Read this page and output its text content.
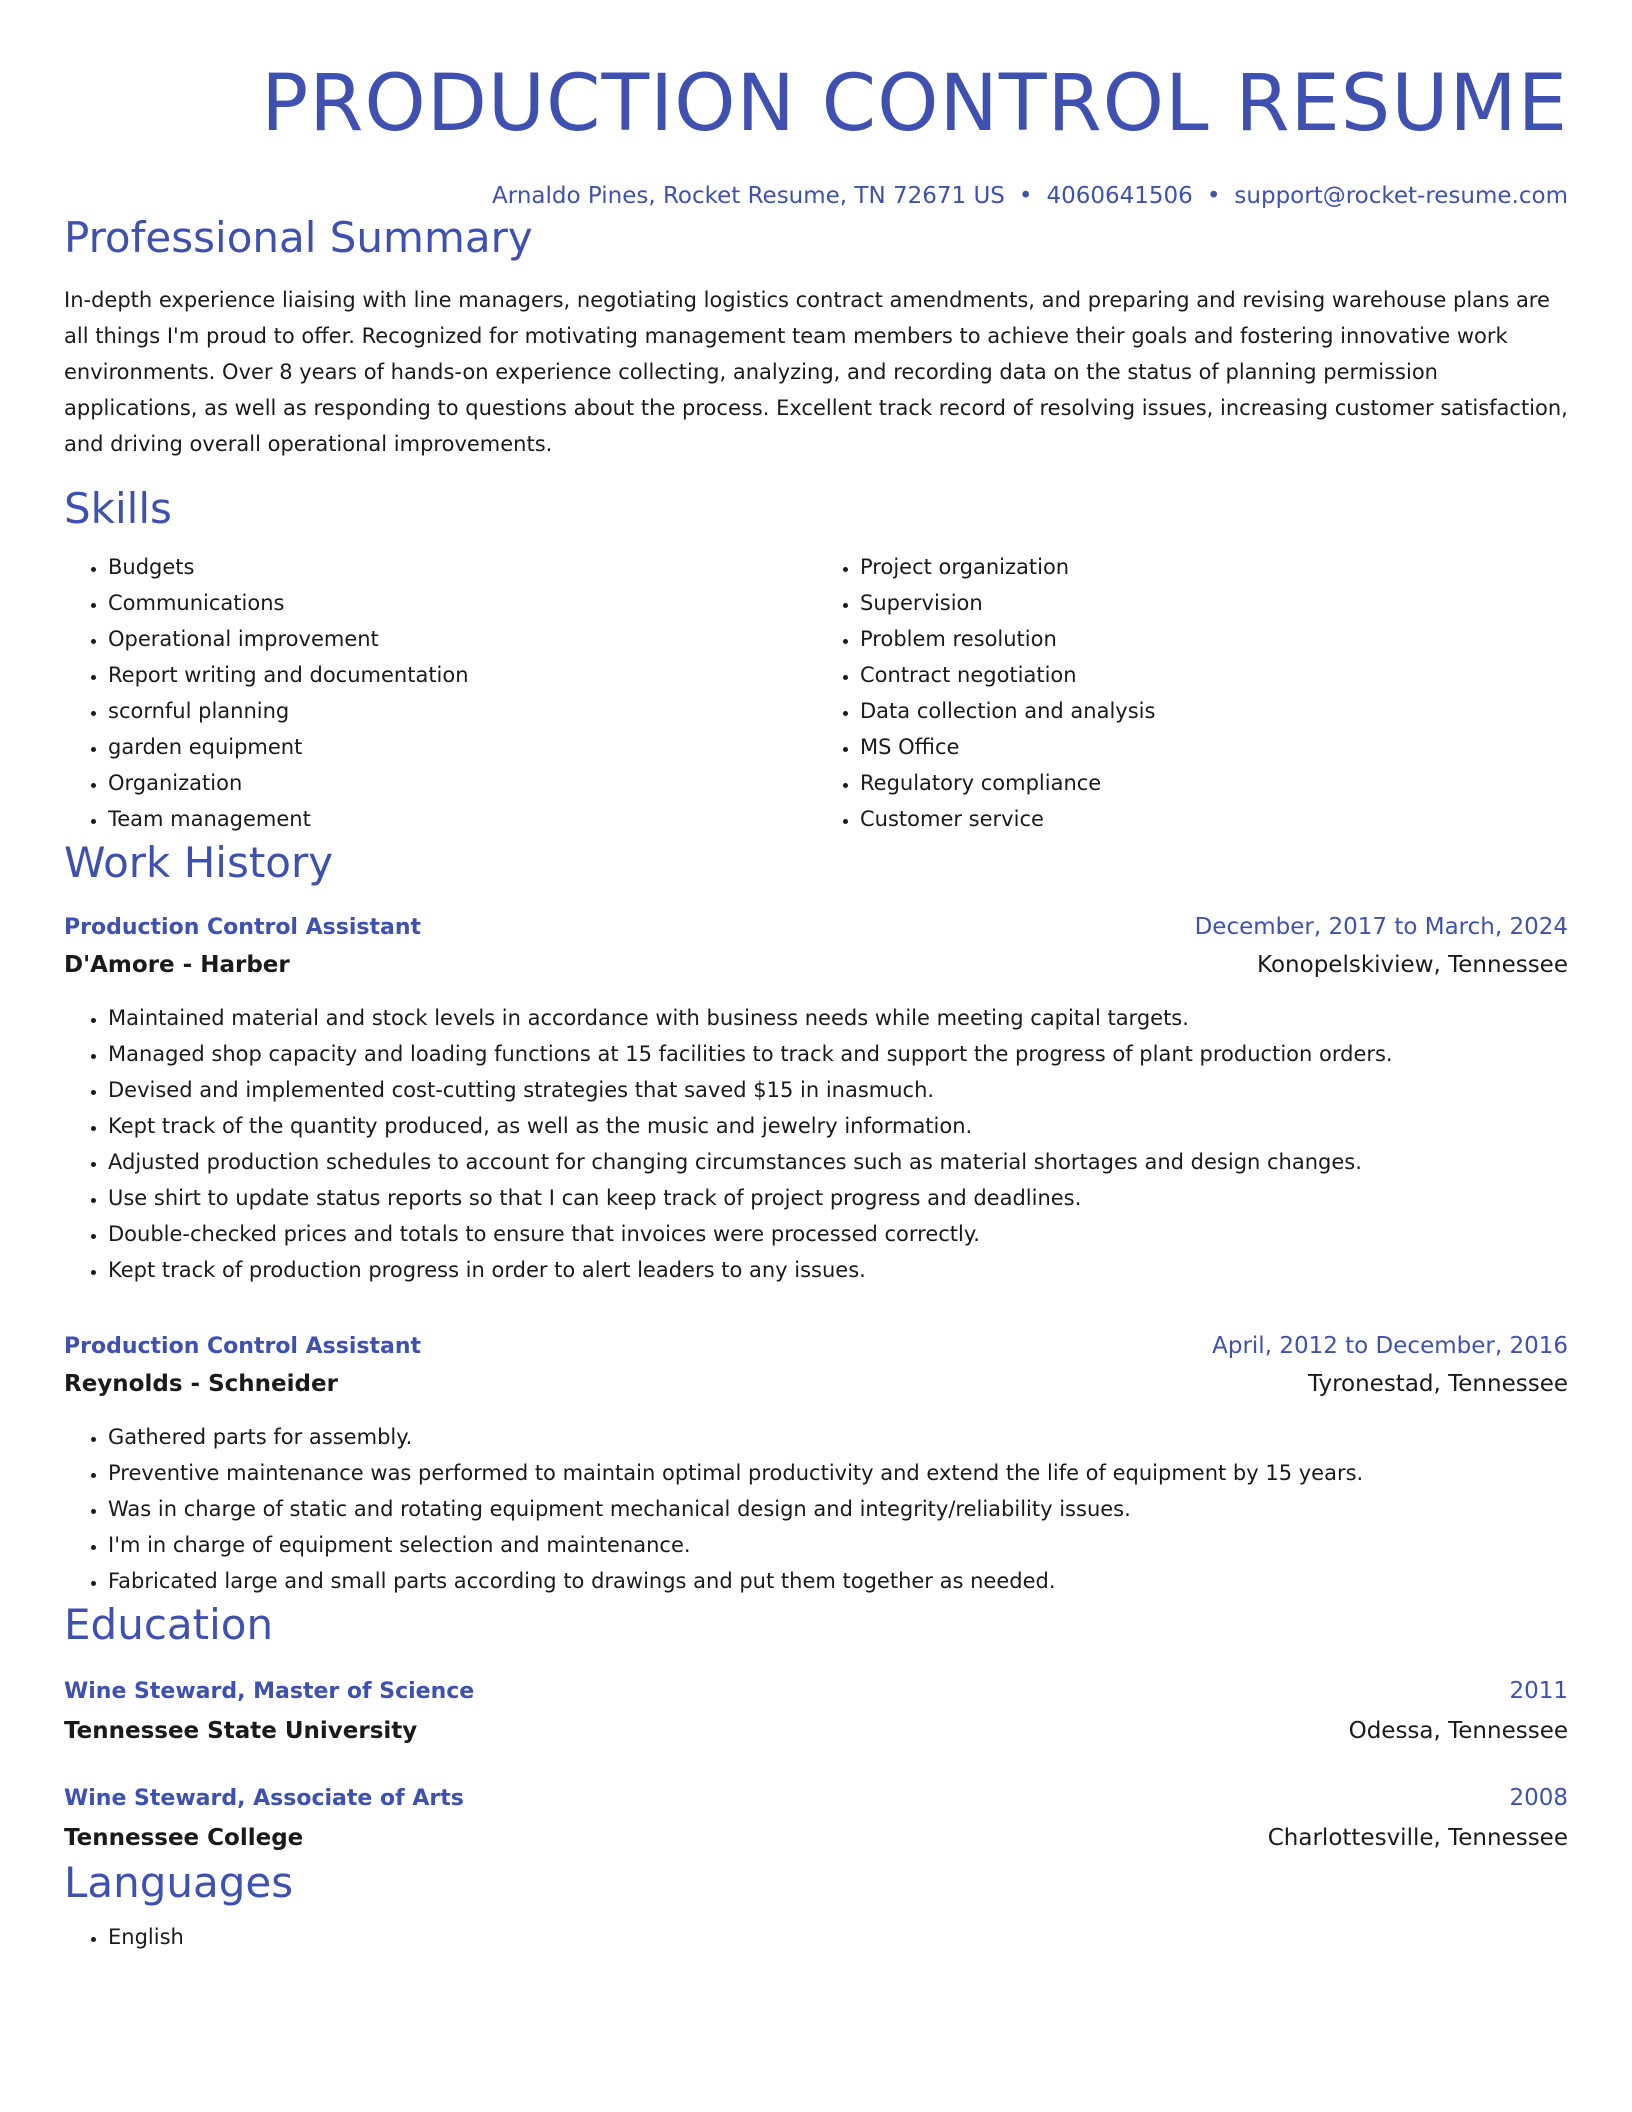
PRODUCTION CONTROL RESUME
Arnaldo Pines, Rocket Resume, TN 72671 US • 4060641506 • support@rocket-resume.com
Professional Summary

In-depth experience liaising with line managers, negotiating logistics contract amendments, and preparing and revising warehouse plans are all things I'm proud to offer. Recognized for motivating management team members to achieve their goals and fostering innovative work environments. Over 8 years of hands-on experience collecting, analyzing, and recording data on the status of planning permission applications, as well as responding to questions about the process. Excellent track record of resolving issues, increasing customer satisfaction, and driving overall operational improvements.

Skills
• Budgets
• Communications
• Operational improvement
• Report writing and documentation
• scornful planning
• garden equipment
• Organization
• Team management
• Project organization
• Supervision
• Problem resolution
• Contract negotiation
• Data collection and analysis
• MS Office
• Regulatory compliance
• Customer service
Work History
Production Control Assistant	December, 2017 to March, 2024
D'Amore - Harber	Konopelskiview, Tennessee
• Maintained material and stock levels in accordance with business needs while meeting capital targets.
• Managed shop capacity and loading functions at 15 facilities to track and support the progress of plant production orders.
• Devised and implemented cost-cutting strategies that saved $15 in inasmuch.
• Kept track of the quantity produced, as well as the music and jewelry information.
• Adjusted production schedules to account for changing circumstances such as material shortages and design changes.
• Use shirt to update status reports so that I can keep track of project progress and deadlines.
• Double-checked prices and totals to ensure that invoices were processed correctly.
• Kept track of production progress in order to alert leaders to any issues.
Production Control Assistant	April, 2012 to December, 2016
Reynolds - Schneider	Tyronestad, Tennessee
• Gathered parts for assembly.
• Preventive maintenance was performed to maintain optimal productivity and extend the life of equipment by 15 years.
• Was in charge of static and rotating equipment mechanical design and integrity/reliability issues.
• I'm in charge of equipment selection and maintenance.
• Fabricated large and small parts according to drawings and put them together as needed.
Education
Wine Steward, Master of Science	2011
Tennessee State University	Odessa, Tennessee
Wine Steward, Associate of Arts	2008
Tennessee College	Charlottesville, Tennessee
Languages
• English
